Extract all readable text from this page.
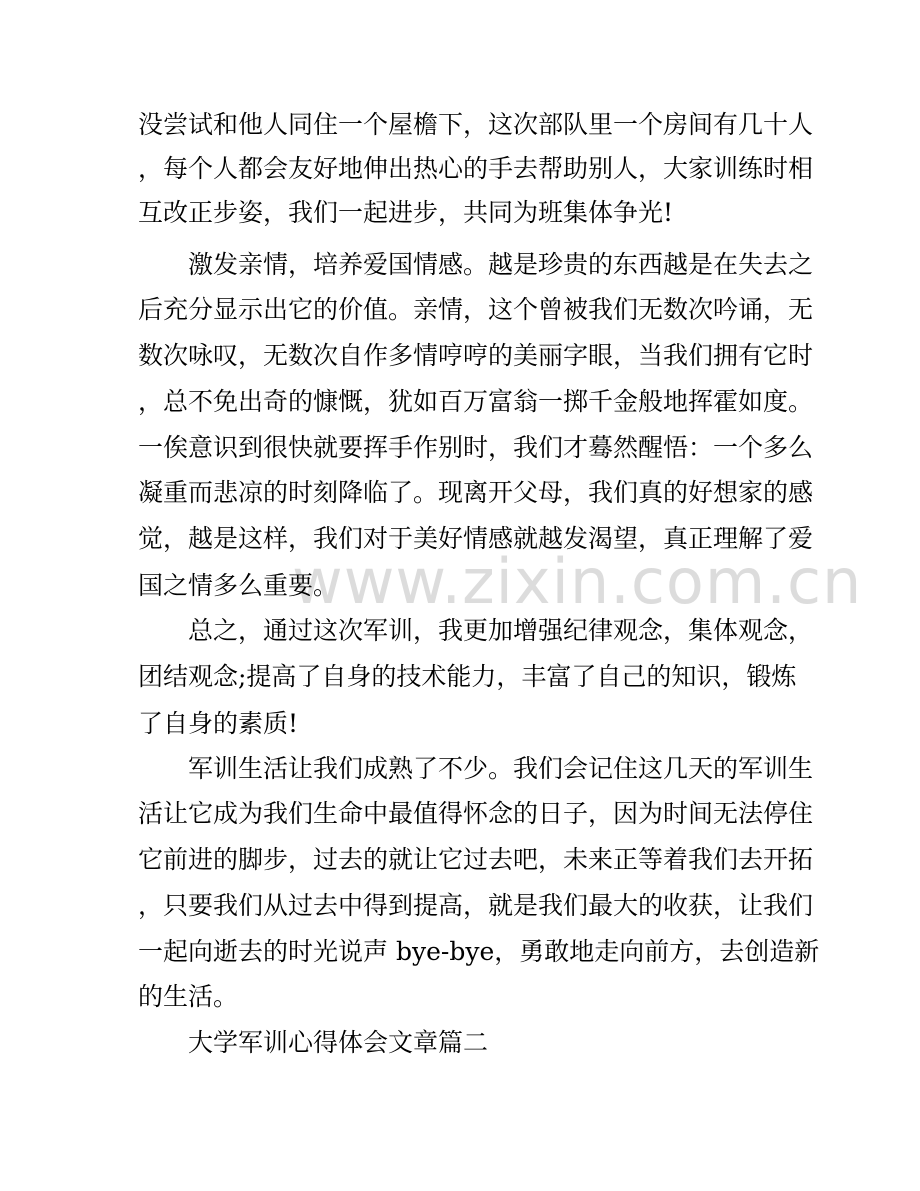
www.zixin.com.cn

没尝试和他人同住一个屋檐下，这次部队里一个房间有几十人

，每个人都会友好地伸出热心的手去帮助别人，大家训练时相

互改正步姿，我们一起进步，共同为班集体争光!

　　激发亲情，培养爱国情感。越是珍贵的东西越是在失去之

后充分显示出它的价值。亲情，这个曾被我们无数次吟诵，无

数次咏叹，无数次自作多情哼哼的美丽字眼，当我们拥有它时

，总不免出奇的慷慨，犹如百万富翁一掷千金般地挥霍如度。

一俟意识到很快就要挥手作别时，我们才蓦然醒悟：一个多么

凝重而悲凉的时刻降临了。现离开父母，我们真的好想家的感

觉，越是这样，我们对于美好情感就越发渴望，真正理解了爱

国之情多么重要。

　　总之，通过这次军训，我更加增强纪律观念，集体观念，

团结观念;提高了自身的技术能力，丰富了自己的知识，锻炼

了自身的素质!

　　军训生活让我们成熟了不少。我们会记住这几天的军训生

活让它成为我们生命中最值得怀念的日子，因为时间无法停住

它前进的脚步，过去的就让它过去吧，未来正等着我们去开拓

，只要我们从过去中得到提高，就是我们最大的收获，让我们

一起向逝去的时光说声 bye-bye，勇敢地走向前方，去创造新

的生活。

　　大学军训心得体会文章篇二
